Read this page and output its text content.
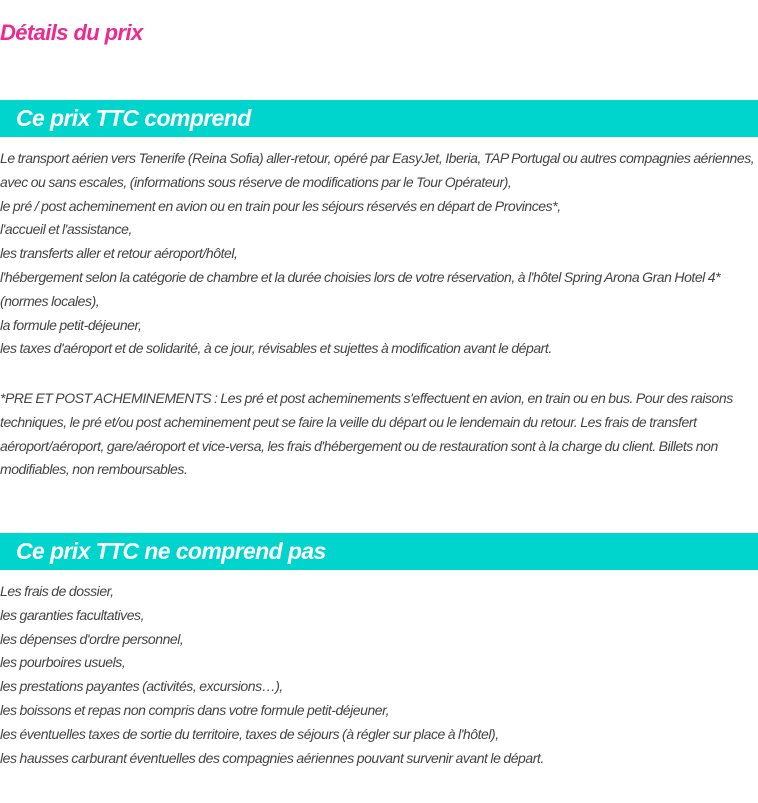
Détails du prix
Ce prix TTC comprend
Le transport aérien vers Tenerife (Reina Sofia) aller-retour, opéré par EasyJet, Iberia, TAP Portugal ou autres compagnies aériennes, avec ou sans escales, (informations sous réserve de modifications par le Tour Opérateur),
le pré / post acheminement en avion ou en train pour les séjours réservés en départ de Provinces*,
l'accueil et l'assistance,
les transferts aller et retour aéroport/hôtel,
l'hébergement selon la catégorie de chambre et la durée choisies lors de votre réservation, à l'hôtel Spring Arona Gran Hotel 4* (normes locales),
la formule petit-déjeuner,
les taxes d'aéroport et de solidarité, à ce jour, révisables et sujettes à modification avant le départ.
*PRE ET POST ACHEMINEMENTS : Les pré et post acheminements s'effectuent en avion, en train ou en bus. Pour des raisons techniques, le pré et/ou post acheminement peut se faire la veille du départ ou le lendemain du retour. Les frais de transfert aéroport/aéroport, gare/aéroport et vice-versa, les frais d'hébergement ou de restauration sont à la charge du client. Billets non modifiables, non remboursables.
Ce prix TTC ne comprend pas
Les frais de dossier,
les garanties facultatives,
les dépenses d'ordre personnel,
les pourboires usuels,
les prestations payantes (activités, excursions…),
les boissons et repas non compris dans votre formule petit-déjeuner,
les éventuelles taxes de sortie du territoire, taxes de séjours (à régler sur place à l'hôtel),
les hausses carburant éventuelles des compagnies aériennes pouvant survenir avant le départ.
